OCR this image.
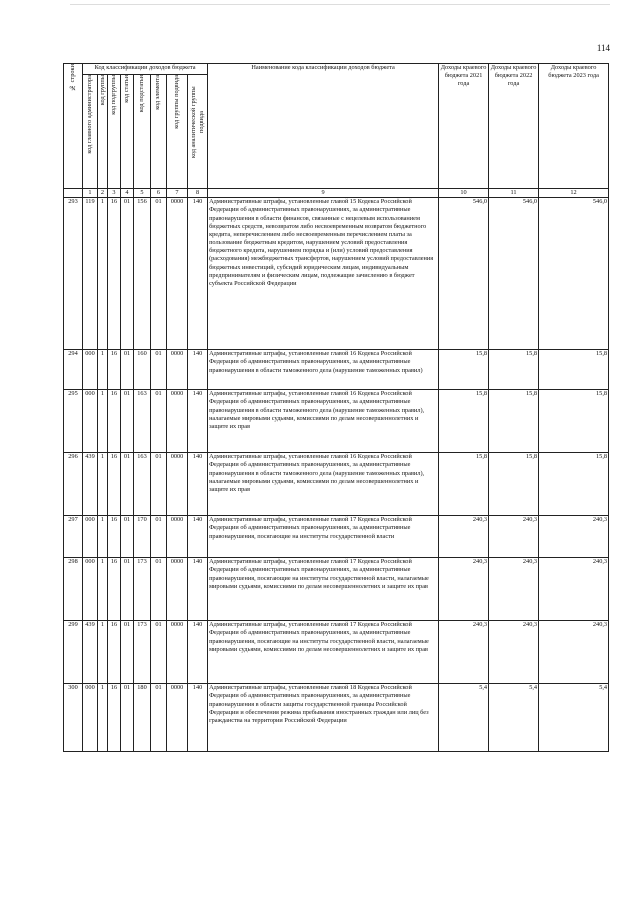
114
№ строки	Код классификации доходов бюджета								Наименование кода классификации доходов бюджета	Доходы краевого бюджета 2021 года	Доходы краевого бюджета 2022 года	Доходы краевого бюджета 2023 года

	код главного администратора	код группы	код подгруппы	код статьи	код подстатьи	код элемента	код группы подвида	код аналитической группы подвида				

	1	2	3	4	5	6	7	8	9	10	11	12
293	119	1	16	01	156	01	0000	140	Административные штрафы, установленные главой 15 Кодекса Российской Федерации об административных правонарушениях, за административные правонарушения в области финансов, связанные с нецелевым использованием бюджетных средств, невозвратом либо несвоевременным возвратом бюджетного кредита, неперечислением либо несвоевременным перечислением платы за пользование бюджетным кредитом, нарушением условий предоставления бюджетного кредита, нарушением порядка и (или) условий предоставления (расходования) межбюджетных трансфертов, нарушением условий предоставления бюджетных инвестиций, субсидий юридическим лицам, индивидуальным предпринимателям и физическим лицам, подлежащие зачислению в бюджет субъекта Российской Федерации	546,0	546,0	546,0
294	000	1	16	01	160	01	0000	140	Административные штрафы, установленные главой 16 Кодекса Российской Федерации об административных правонарушениях, за административные правонарушения в области таможенного дела (нарушение таможенных правил)	15,8	15,8	15,8
295	000	1	16	01	163	01	0000	140	Административные штрафы, установленные главой 16 Кодекса Российской Федерации об административных правонарушениях, за административные правонарушения в области таможенного дела (нарушение таможенных правил), налагаемые мировыми судьями, комиссиями по делам несовершеннолетних и защите их прав	15,8	15,8	15,8
296	439	1	16	01	163	01	0000	140	Административные штрафы, установленные главой 16 Кодекса Российской Федерации об административных правонарушениях, за административные правонарушения в области таможенного дела (нарушение таможенных правил), налагаемые мировыми судьями, комиссиями по делам несовершеннолетних и защите их прав	15,8	15,8	15,8
297	000	1	16	01	170	01	0000	140	Административные штрафы, установленные главой 17 Кодекса Российской Федерации об административных правонарушениях, за административные правонарушения, посягающие на институты государственной власти	240,3	240,3	240,3
298	000	1	16	01	173	01	0000	140	Административные штрафы, установленные главой 17 Кодекса Российской Федерации об административных правонарушениях, за административные правонарушения, посягающие на институты государственной власти, налагаемые мировыми судьями, комиссиями по делам несовершеннолетних и защите их прав	240,3	240,3	240,3
299	439	1	16	01	173	01	0000	140	Административные штрафы, установленные главой 17 Кодекса Российской Федерации об административных правонарушениях, за административные правонарушения, посягающие на институты государственной власти, налагаемые мировыми судьями, комиссиями по делам несовершеннолетних и защите их прав	240,3	240,3	240,3
300	000	1	16	01	180	01	0000	140	Административные штрафы, установленные главой 18 Кодекса Российской Федерации об административных правонарушениях, за административные правонарушения в области защиты государственной границы Российской Федерации и обеспечения режима пребывания иностранных граждан или лиц без гражданства на территории Российской Федерации	5,4	5,4	5,4
